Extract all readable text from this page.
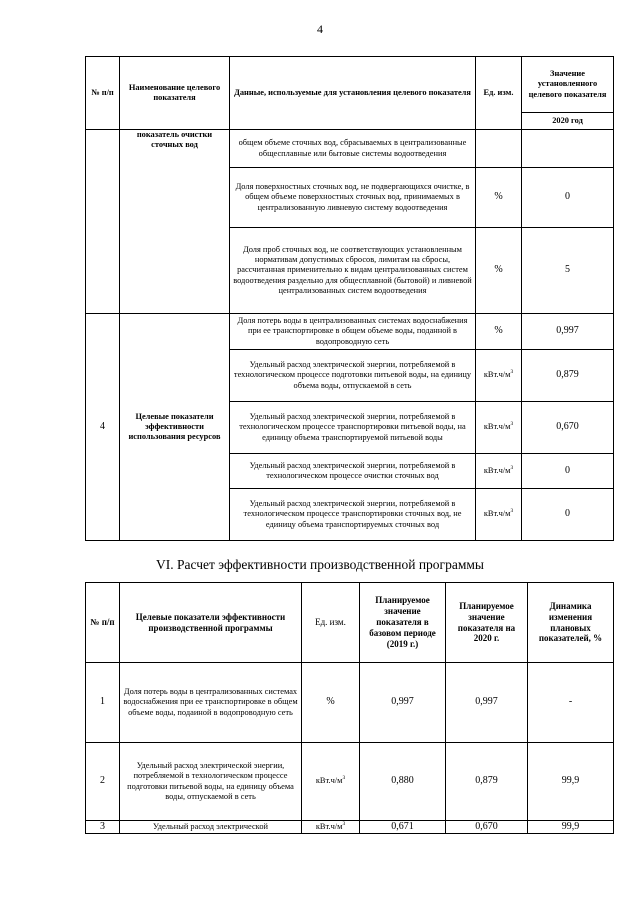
4
№ п/п	Наименование целевого показателя	Данные, используемые для установления целевого показателя	Ед. изм.	Значение установленного целевого показателя
				2020 год
	показатель очистки сточных вод	общем объеме сточных вод, сбрасываемых в централизованные общесплавные или бытовые системы водоотведения		
		Доля поверхностных сточных вод, не подвергающихся очистке, в общем объеме поверхностных сточных вод, принимаемых в централизованную ливневую систему водоотведения	%	0
		Доля проб сточных вод, не соответствующих установленным нормативам допустимых сбросов, лимитам на сбросы, рассчитанная применительно к видам централизованных систем водоотведения раздельно для общесплавной (бытовой) и ливневой централизованных систем водоотведения	%	5
4	Целевые показатели эффективности использования ресурсов	Доля потерь воды в централизованных системах водоснабжения при ее транспортировке в общем объеме воды, поданной в водопроводную сеть	%	0,997
		Удельный расход электрической энергии, потребляемой в технологическом процессе подготовки питьевой воды, на единицу объема воды, отпускаемой в сеть	$кВт.ч/м^3$	0,879
		Удельный расход электрической энергии, потребляемой в технологическом процессе транспортировки питьевой воды, на единицу объема транспортируемой питьевой воды	$кВт.ч/м^3$	0,670
		Удельный расход электрической энергии, потребляемой в технологическом процессе очистки сточных вод	$кВт.ч/м^3$	0
		Удельный расход электрической энергии, потребляемой в технологическом процессе транспортировки сточных вод, не единицу объема транспортируемых сточных вод	$кВт.ч/м^3$	0
VI. Расчет эффективности производственной программы
№ п/п	Целевые показатели эффективности производственной программы	Ед. изм.	Планируемое значение показателя в базовом периоде (2019 г.)	Планируемое значение показателя на 2020 г.	Динамика изменения плановых показателей, %
1	Доля потерь воды в централизованных системах водоснабжения при ее транспортировке в общем объеме воды, подаиной в водопроводную сеть	%	0,997	0,997	-
2	Удельный расход электрической энергии, потребляемой в технологическом процессе подготовки питьевой воды, на единицу объема воды, отпускаемой в сеть	$кВт.ч/м^3$	0,880	0,879	99,9
3	Удельный расход электрической	$кВт.ч/м^3$	0,671	0,670	99,9
